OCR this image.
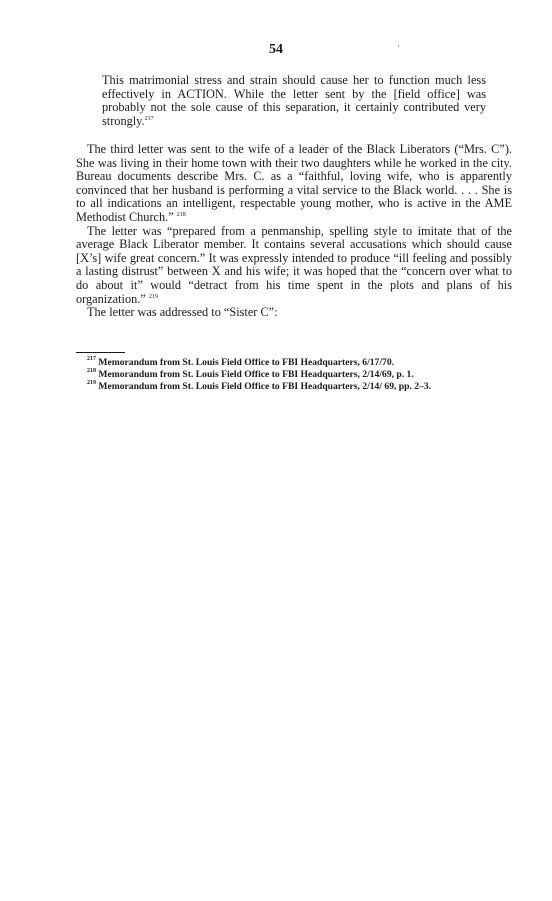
54

This matrimonial stress and strain should cause her to function much less effectively in ACTION. While the letter sent by the [field office] was probably not the sole cause of this separation, it certainly contributed very strongly.$^{217}$

The third letter was sent to the wife of a leader of the Black Liberators (“Mrs. C”). She was living in their home town with their two daughters while he worked in the city. Bureau documents describe Mrs. C. as a “faithful, loving wife, who is apparently convinced that her husband is performing a vital service to the Black world. . . . She is to all indications an intelligent, respectable young mother, who is active in the AME Methodist Church.” $^{218}$

The letter was “prepared from a penmanship, spelling style to imitate that of the average Black Liberator member. It contains several accusations which should cause [X’s] wife great concern.” It was expressly intended to produce “ill feeling and possibly a lasting distrust” between X and his wife; it was hoped that the “concern over what to do about it” would “detract from his time spent in the plots and plans of his organization.” $^{219}$

The letter was addressed to “Sister C”:

$^{217}$ Memorandum from St. Louis Field Office to FBI Headquarters, 6/17/70.

$^{218}$ Memorandum from St. Louis Field Office to FBI Headquarters, 2/14/69, p. 1.

$^{219}$ Memorandum from St. Louis Field Office to FBI Headquarters, 2/14/ 69, pp. 2–3.
